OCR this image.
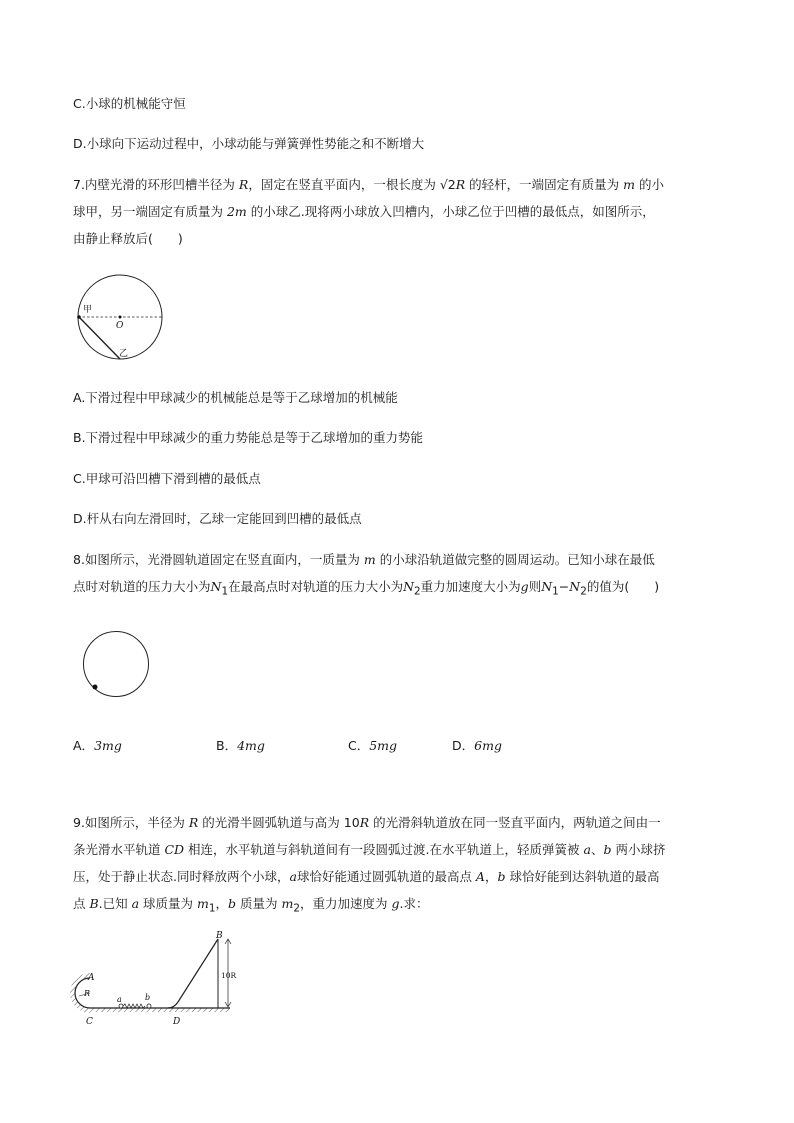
C.小球的机械能守恒
D.小球向下运动过程中，小球动能与弹簧弹性势能之和不断增大
7.内壁光滑的环形凹槽半径为 R，固定在竖直平面内，一根长度为 √2R 的轻杆，一端固定有质量为 m 的小
球甲，另一端固定有质量为 2m 的小球乙.现将两小球放入凹槽内，小球乙位于凹槽的最低点，如图所示，
由静止释放后(　　)
甲
O
乙
A.下滑过程中甲球减少的机械能总是等于乙球增加的机械能
B.下滑过程中甲球减少的重力势能总是等于乙球增加的重力势能
C.甲球可沿凹槽下滑到槽的最低点
D.杆从右向左滑回时，乙球一定能回到凹槽的最低点
8.如图所示，光滑圆轨道固定在竖直面内，一质量为 m 的小球沿轨道做完整的圆周运动。已知小球在最低
点时对轨道的压力大小为$N_1$在最高点时对轨道的压力大小为$N_2$重力加速度大小为g则$N_1-N_2$的值为(　　)
A．3mg	B．4mg	C．5mg	D．6mg
9.如图所示，半径为 R 的光滑半圆弧轨道与高为 10R 的光滑斜轨道放在同一竖直平面内，两轨道之间由一
条光滑水平轨道 CD 相连，水平轨道与斜轨道间有一段圆弧过渡.在水平轨道上，轻质弹簧被 a、b 两小球挤
压，处于静止状态.同时释放两个小球，a球恰好能通过圆弧轨道的最高点 A，b 球恰好能到达斜轨道的最高
点 B.已知 a 球质量为 $m_1$，b 质量为 $m_2$，重力加速度为 g.求：
A
R
C
a	b
D
B
10R
